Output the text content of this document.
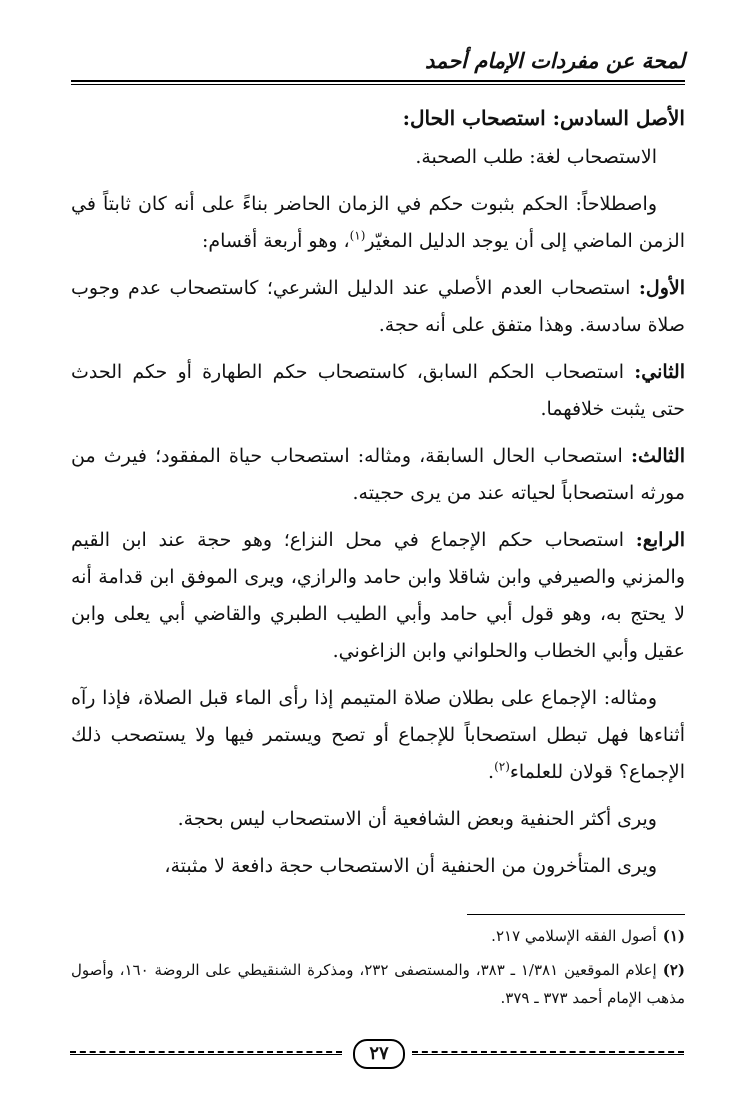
لمحة عن مفردات الإمام أحمد

الأصل السادس: استصحاب الحال:

الاستصحاب لغة: طلب الصحبة.

واصطلاحاً: الحكم بثبوت حكم في الزمان الحاضر بناءً على أنه كان ثابتاً في الزمن الماضي إلى أن يوجد الدليل المغيّر$^{(١)}$، وهو أربعة أقسام:

الأول: استصحاب العدم الأصلي عند الدليل الشرعي؛ كاستصحاب عدم وجوب صلاة سادسة. وهذا متفق على أنه حجة.

الثاني: استصحاب الحكم السابق، كاستصحاب حكم الطهارة أو حكم الحدث حتى يثبت خلافهما.

الثالث: استصحاب الحال السابقة، ومثاله: استصحاب حياة المفقود؛ فيرث من مورثه استصحاباً لحياته عند من يرى حجيته.

الرابع: استصحاب حكم الإجماع في محل النزاع؛ وهو حجة عند ابن القيم والمزني والصيرفي وابن شاقلا وابن حامد والرازي، ويرى الموفق ابن قدامة أنه لا يحتج به، وهو قول أبي حامد وأبي الطيب الطبري والقاضي أبي يعلى وابن عقيل وأبي الخطاب والحلواني وابن الزاغوني.

ومثاله: الإجماع على بطلان صلاة المتيمم إذا رأى الماء قبل الصلاة، فإذا رآه أثناءها فهل تبطل استصحاباً للإجماع أو تصح ويستمر فيها ولا يستصحب ذلك الإجماع؟ قولان للعلماء$^{(٢)}$.

ويرى أكثر الحنفية وبعض الشافعية أن الاستصحاب ليس بحجة.

ويرى المتأخرون من الحنفية أن الاستصحاب حجة دافعة لا مثبتة،

(١)أصول الفقه الإسلامي ٢١٧.

(٢)إعلام الموقعين ١/٣٨١ ـ ٣٨٣، والمستصفى ٢٣٢، ومذكرة الشنقيطي على الروضة ١٦٠، وأصول مذهب الإمام أحمد ٣٧٣ ـ ٣٧٩.

٢٧
